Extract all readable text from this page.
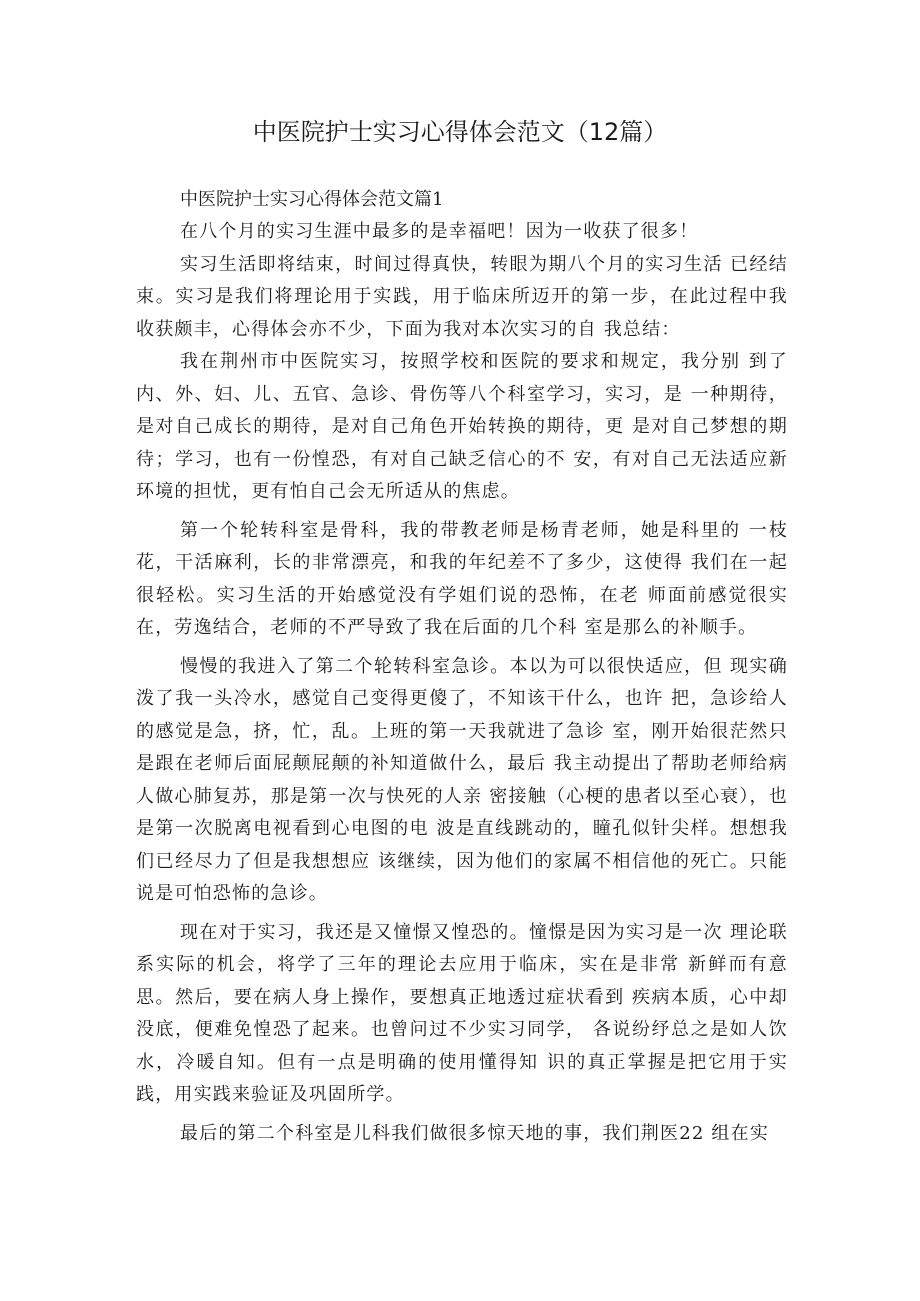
中医院护士实习心得体会范文（12篇）

中医院护士实习心得体会范文篇1

在八个月的实习生涯中最多的是幸福吧！因为一收获了很多！

实习生活即将结束，时间过得真快，转眼为期八个月的实习生活 已经结束。实习是我们将理论用于实践，用于临床所迈开的第一步，在此过程中我收获颇丰，心得体会亦不少，下面为我对本次实习的自 我总结：

我在荆州市中医院实习，按照学校和医院的要求和规定，我分别 到了内、外、妇、儿、五官、急诊、骨伤等八个科室学习，实习，是 一种期待，是对自己成长的期待，是对自己角色开始转换的期待，更 是对自己梦想的期待；学习，也有一份惶恐，有对自己缺乏信心的不 安，有对自己无法适应新环境的担忧，更有怕自己会无所适从的焦虑。

第一个轮转科室是骨科，我的带教老师是杨青老师，她是科里的 一枝花，干活麻利，长的非常漂亮，和我的年纪差不了多少，这使得 我们在一起很轻松。实习生活的开始感觉没有学姐们说的恐怖，在老 师面前感觉很实在，劳逸结合，老师的不严导致了我在后面的几个科 室是那么的补顺手。

慢慢的我进入了第二个轮转科室急诊。本以为可以很快适应，但 现实确泼了我一头冷水，感觉自己变得更傻了，不知该干什么，也许 把，急诊给人的感觉是急，挤，忙，乱。上班的第一天我就进了急诊 室，刚开始很茫然只是跟在老师后面屁颠屁颠的补知道做什么，最后 我主动提出了帮助老师给病人做心肺复苏，那是第一次与快死的人亲 密接触（心梗的患者以至心衰），也是第一次脱离电视看到心电图的电 波是直线跳动的，瞳孔似针尖样。想想我们已经尽力了但是我想想应 该继续，因为他们的家属不相信他的死亡。只能说是可怕恐怖的急诊。

现在对于实习，我还是又憧憬又惶恐的。憧憬是因为实习是一次 理论联系实际的机会，将学了三年的理论去应用于临床，实在是非常 新鲜而有意思。然后，要在病人身上操作，要想真正地透过症状看到 疾病本质，心中却没底，便难免惶恐了起来。也曾问过不少实习同学， 各说纷纾总之是如人饮水，冷暖自知。但有一点是明确的使用懂得知 识的真正掌握是把它用于实践，用实践来验证及巩固所学。

最后的第二个科室是儿科我们做很多惊天地的事，我们荆医22 组在实
